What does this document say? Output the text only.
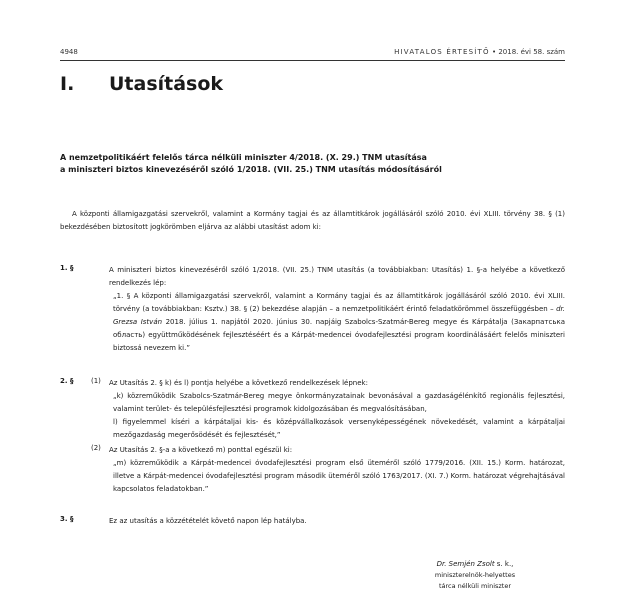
4948	HIVATALOS ÉRTESÍTŐ • 2018. évi 58. szám
I. Utasítások
A nemzetpolitikáért felelős tárca nélküli miniszter 4/2018. (X. 29.) TNM utasítása
a miniszteri biztos kinevezéséről szóló 1/2018. (VII. 25.) TNM utasítás módosításáról
A központi államigazgatási szervekről, valamint a Kormány tagjai és az államtitkárok jogállásáról szóló 2010. évi XLIII. törvény 38. § (1) bekezdésében biztosított jogkörömben eljárva az alábbi utasítást adom ki:
1. §	A miniszteri biztos kinevezéséről szóló 1/2018. (VII. 25.) TNM utasítás (a továbbiakban: Utasítás) 1. §-a helyébe a következő rendelkezés lép:
„1. § A központi államigazgatási szervekről, valamint a Kormány tagjai és az államtitkárok jogállásáról szóló 2010. évi XLIII. törvény (a továbbiakban: Ksztv.) 38. § (2) bekezdése alapján – a nemzetpolitikáért érintő feladatkörömmel összefüggésben – dr. Grezsa István 2018. július 1. napjától 2020. június 30. napjáig Szabolcs-Szatmár-Bereg megye és Kárpátalja (Закарпатська область) együttműködésének fejlesztéséért és a Kárpát-medencei óvodafejlesztési program koordinálásáért felelős miniszteri biztossá nevezem ki.”
2. §	(1) Az Utasítás 2. § k) és l) pontja helyébe a következő rendelkezések lépnek:
„k) közreműködik Szabolcs-Szatmár-Bereg megye önkormányzatainak bevonásával a gazdaságélénkítő regionális fejlesztési, valamint terület- és településfejlesztési programok kidolgozásában és megvalósításában,
l) figyelemmel kíséri a kárpátaljai kis- és középvállalkozások versenyképességének növekedését, valamint a kárpátaljai mezőgazdaság megerősödését és fejlesztését,”
(2) Az Utasítás 2. §-a a következő m) ponttal egészül ki:
„m) közreműködik a Kárpát-medencei óvodafejlesztési program első üteméről szóló 1779/2016. (XII. 15.) Korm. határozat, illetve a Kárpát-medencei óvodafejlesztési program második üteméről szóló 1763/2017. (XI. 7.) Korm. határozat végrehajtásával kapcsolatos feladatokban.”
3. §	Ez az utasítás a közzétételét követő napon lép hatályba.
Dr. Semjén Zsolt s. k.,
miniszterelnök-helyettes
tárca nélküli miniszter
